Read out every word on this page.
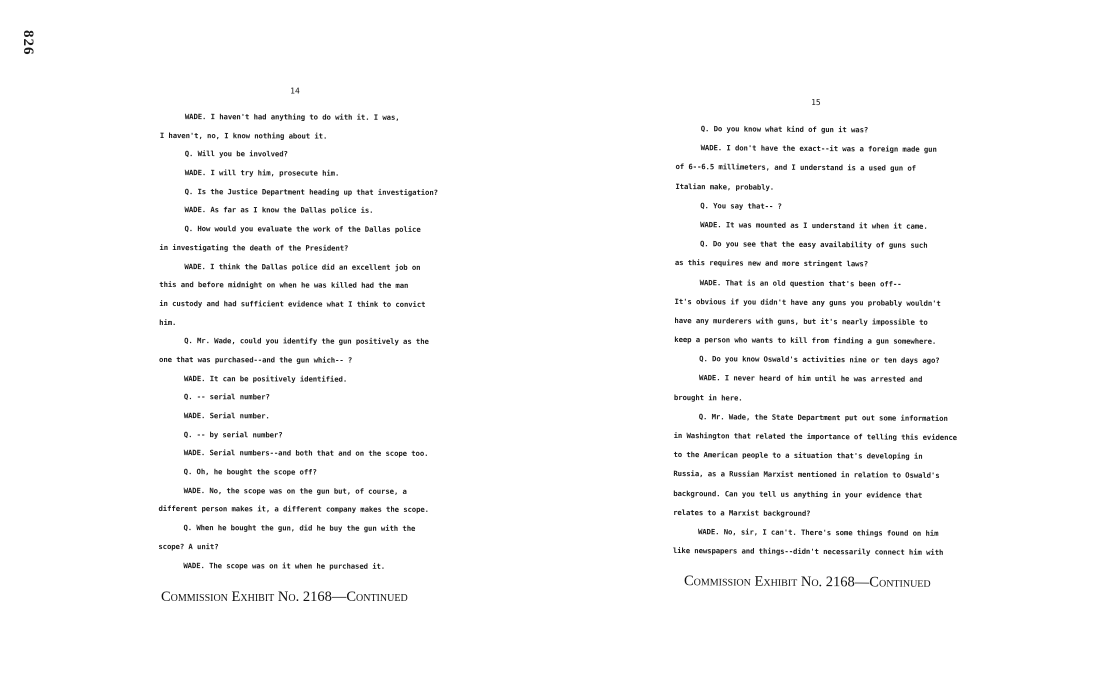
826
14
WADE. I haven't had anything to do with it. I was,
I haven't, no, I know nothing about it.
Q. Will you be involved?
WADE. I will try him, prosecute him.
Q. Is the Justice Department heading up that investigation?
WADE. As far as I know the Dallas police is.
Q. How would you evaluate the work of the Dallas police
in investigating the death of the President?
WADE. I think the Dallas police did an excellent job on
this and before midnight on when he was killed had the man
in custody and had sufficient evidence what I think to convict
him.
Q. Mr. Wade, could you identify the gun positively as the
one that was purchased--and the gun which-- ?
WADE. It can be positively identified.
Q. -- serial number?
WADE. Serial number.
Q. -- by serial number?
WADE. Serial numbers--and both that and on the scope too.
Q. Oh, he bought the scope off?
WADE. No, the scope was on the gun but, of course, a
different person makes it, a different company makes the scope.
Q. When he bought the gun, did he buy the gun with the
scope? A unit?
WADE. The scope was on it when he purchased it.
15
Q. Do you know what kind of gun it was?
WADE. I don't have the exact--it was a foreign made gun
of 6--6.5 millimeters, and I understand is a used gun of
Italian make, probably.
Q. You say that-- ?
WADE. It was mounted as I understand it when it came.
Q. Do you see that the easy availability of guns such
as this requires new and more stringent laws?
WADE. That is an old question that's been off--
It's obvious if you didn't have any guns you probably wouldn't
have any murderers with guns, but it's nearly impossible to
keep a person who wants to kill from finding a gun somewhere.
Q. Do you know Oswald's activities nine or ten days ago?
WADE. I never heard of him until he was arrested and
brought in here.
Q. Mr. Wade, the State Department put out some information
in Washington that related the importance of telling this evidence
to the American people to a situation that's developing in
Russia, as a Russian Marxist mentioned in relation to Oswald's
background. Can you tell us anything in your evidence that
relates to a Marxist background?
WADE. No, sir, I can't. There's some things found on him
like newspapers and things--didn't necessarily connect him with
Commission Exhibit No. 2168—Continued
Commission Exhibit No. 2168—Continued
